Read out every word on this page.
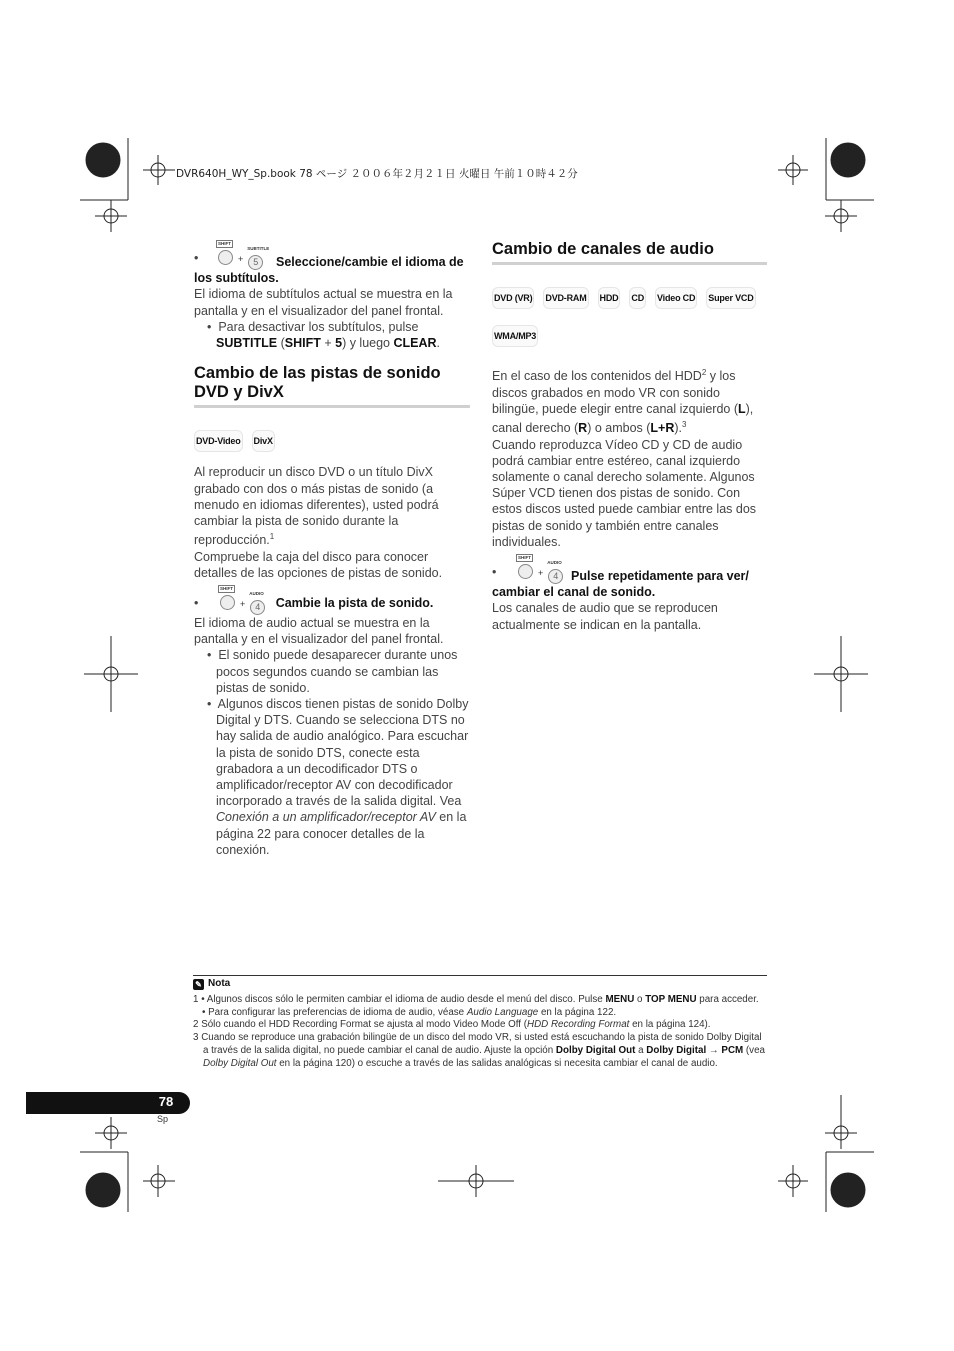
DVR640H_WY_Sp.book 78 ページ ２００６年２月２１日 火曜日 午前１０時４２分
•
SHIFT
+
SUBTITLE
5	Seleccione/cambie el idioma de los subtítulos.

El idioma de subtítulos actual se muestra en la pantalla y en el visualizador del panel frontal.

•  Para desactivar los subtítulos, pulse SUBTITLE (SHIFT + 5) y luego CLEAR.

Cambio de las pistas de sonido DVD y DivX
DVD-Video DivX

Al reproducir un disco DVD o un título DivX grabado con dos o más pistas de sonido (a menudo en idiomas diferentes), usted podrá cambiar la pista de sonido durante la reproducción.$^1$

Compruebe la caja del disco para conocer detalles de las opciones de pistas de sonido.

•
SHIFT
+
AUDIO
4 Cambie la pista de sonido.

El idioma de audio actual se muestra en la pantalla y en el visualizador del panel frontal.

•  El sonido puede desaparecer durante unos pocos segundos cuando se cambian las pistas de sonido.

•  Algunos discos tienen pistas de sonido Dolby Digital y DTS. Cuando se selecciona DTS no hay salida de audio analógico. Para escuchar la pista de sonido DTS, conecte esta grabadora a un decodificador DTS o amplificador/receptor AV con decodificador incorporado a través de la salida digital. Vea Conexión a un amplificador/receptor AV en la página 22 para conocer detalles de la conexión.

Cambio de canales de audio
DVD (VR) DVD-RAM HDD CD Video CD Super VCD
WMA/MP3

En el caso de los contenidos del HDD$^2$ y los discos grabados en modo VR con sonido bilingüe, puede elegir entre canal izquierdo (L), canal derecho (R) o ambos (L+R).$^3$

Cuando reproduzca Vídeo CD y CD de audio podrá cambiar entre estéreo, canal izquierdo solamente o canal derecho solamente. Algunos Súper VCD tienen dos pistas de sonido. Con estos discos usted puede cambiar entre las dos pistas de sonido y también entre canales individuales.

•
SHIFT
+
AUDIO
4	Pulse repetidamente para ver/ cambiar el canal de sonido.

Los canales de audio que se reproducen actualmente se indican en la pantalla.

✎ Nota

1 • Algunos discos sólo le permiten cambiar el idioma de audio desde el menú del disco. Pulse MENU o TOP MENU para acceder.

• Para configurar las preferencias de idioma de audio, véase Audio Language en la página 122.

2 Sólo cuando el HDD Recording Format se ajusta al modo Video Mode Off (HDD Recording Format en la página 124).

3 Cuando se reproduce una grabación bilingüe de un disco del modo VR, si usted está escuchando la pista de sonido Dolby Digital a través de la salida digital, no puede cambiar el canal de audio. Ajuste la opción Dolby Digital Out a Dolby Digital → PCM (vea Dolby Digital Out en la página 120) o escuche a través de las salidas analógicas si necesita cambiar el canal de audio.

78
Sp
